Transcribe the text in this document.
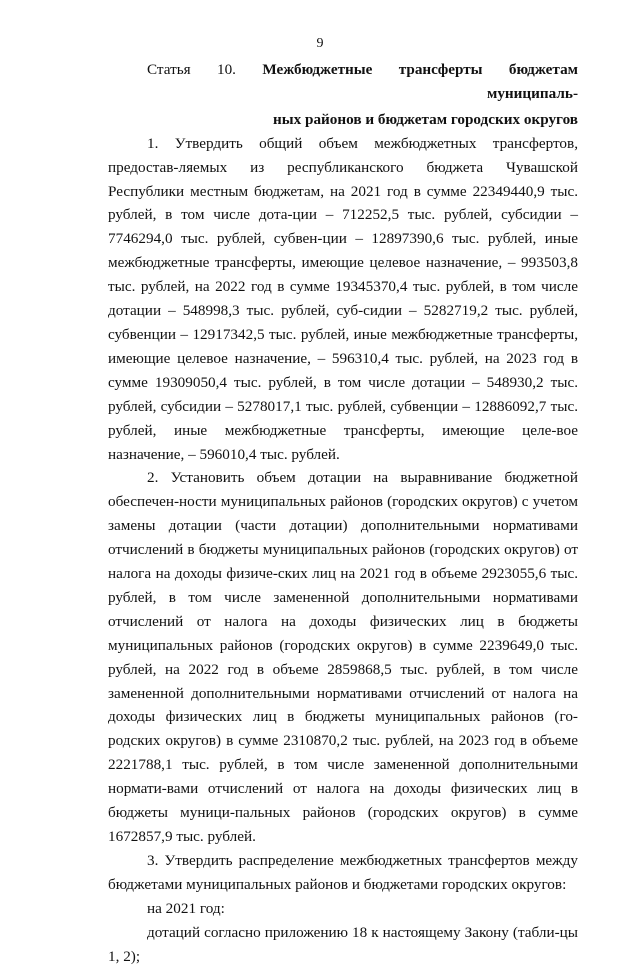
9

Статья 10. Межбюджетные трансферты бюджетам муниципаль-

ных районов и бюджетам городских округов

1. Утвердить общий объем межбюджетных трансфертов, предостав-ляемых из республиканского бюджета Чувашской Республики местным бюджетам, на 2021 год в сумме 22349440,9 тыс. рублей, в том числе дота-ции – 712252,5 тыс. рублей, субсидии – 7746294,0 тыс. рублей, субвен-ции – 12897390,6 тыс. рублей, иные межбюджетные трансферты, имеющие целевое назначение, – 993503,8 тыс. рублей, на 2022 год в сумме 19345370,4 тыс. рублей, в том числе дотации – 548998,3 тыс. рублей, суб-сидии – 5282719,2 тыс. рублей, субвенции – 12917342,5 тыс. рублей, иные межбюджетные трансферты, имеющие целевое назначение, – 596310,4 тыс. рублей, на 2023 год в сумме 19309050,4 тыс. рублей, в том числе дотации – 548930,2 тыс. рублей, субсидии – 5278017,1 тыс. рублей, субвенции – 12886092,7 тыс. рублей, иные межбюджетные трансферты, имеющие целе-вое назначение, – 596010,4 тыс. рублей.

2. Установить объем дотации на выравнивание бюджетной обеспечен-ности муниципальных районов (городских округов) с учетом замены дотации (части дотации) дополнительными нормативами отчислений в бюджеты муниципальных районов (городских округов) от налога на доходы физиче-ских лиц на 2021 год в объеме 2923055,6 тыс. рублей, в том числе замененной дополнительными нормативами отчислений от налога на доходы физических лиц в бюджеты муниципальных районов (городских округов) в сумме 2239649,0 тыс. рублей, на 2022 год в объеме 2859868,5 тыс. рублей, в том числе замененной дополнительными нормативами отчислений от налога на доходы физических лиц в бюджеты муниципальных районов (го-родских округов) в сумме 2310870,2 тыс. рублей, на 2023 год в объеме 2221788,1 тыс. рублей, в том числе замененной дополнительными нормати-вами отчислений от налога на доходы физических лиц в бюджеты муници-пальных районов (городских округов) в сумме 1672857,9 тыс. рублей.

3. Утвердить распределение межбюджетных трансфертов между бюджетами муниципальных районов и бюджетами городских округов:

на 2021 год:

дотаций согласно приложению 18 к настоящему Закону (табли-цы 1, 2);
